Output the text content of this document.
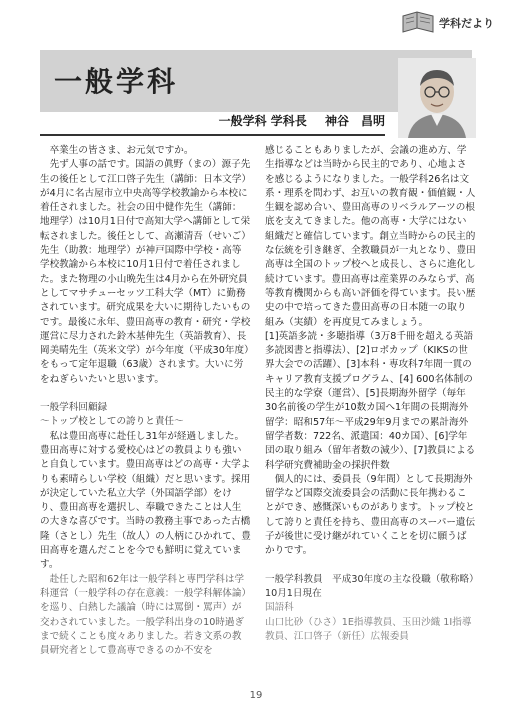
学科だより
一般学科
一般学科 学科長 神谷　昌明

卒業生の皆さま、お元気ですか。

先ず人事の話です。国語の眞野（まの）源子先生の後任として江口啓子先生（講師：日本文学）が4月に名古屋市立中央高等学校教諭から本校に着任されました。社会の田中健作先生（講師：地理学）は10月1日付で高知大学へ講師として栄転されました。後任として、高瀬清吾（せいご）先生（助教：地理学）が神戸国際中学校・高等学校教諭から本校に10月1日付で着任されました。また物理の小山晩先生は4月から在外研究員としてマサチューセッツ工科大学（MT）に勤務されています。研究成果を大いに期待したいものです。最後に永年、豊田高専の教育・研究・学校運営に尽力された鈴木基伸先生（英語教育）、長岡美晴先生（英米文学）が今年度（平成30年度）をもって定年退職（63歳）されます。大いに労をねぎらいたいと思います。

一般学科回顧録

～トップ校としての誇りと責任～

私は豊田高専に赴任し31年が経過しました。豊田高専に対する愛校心はどの教員よりも強いと自負しています。豊田高専はどの高専・大学よりも素晴らしい学校（組織）だと思います。採用が決定していた私立大学（外国語学部）をけり、豊田高専を選択し、奉職できたことは人生の大きな喜びです。当時の教務主事であった古橋隆（さとし）先生（故人）の人柄にひかれて、豊田高専を選んだことを今でも鮮明に覚えています。

赴任した昭和62年は一般学科と専門学科は学科運営（一般学科の存在意義：一般学科解体論）を巡り、白熱した議論（時には罵倒・罵声）が交わされていました。一般学科出身の10時過ぎまで続くことも度々ありました。若き文系の教員研究者として豊高専できるのか不安を

感じることもありましたが、会議の進め方、学生指導などは当時から民主的であり、心地よさを感じるようになりました。一般学科26名は文系・理系を問わず、お互いの教育観・価値観・人生観を認め合い、豊田高専のリベラルアーツの根底を支えてきました。他の高専・大学にはない組織だと確信しています。創立当時からの民主的な伝統を引き継ぎ、全教職員が一丸となり、豊田高専は全国のトップ校へと成長し、さらに進化し続けています。豊田高専は産業界のみならず、高等教育機関からも高い評価を得ています。長い歴史の中で培ってきた豊田高専の日本随一の取り組み（実績）を再度見てみましょう。

[1]英語多読・多聴指導（3万8千冊を超える英語多読図書と指導法）、[2]ロボカップ（KIKSの世界大会での活躍）、[3]本科・専攻科7年間一貫のキャリア教育支援プログラム、[4] 600名体制の民主的な学寮（運営）、[5]長期海外留学（毎年30名前後の学生が10数カ国へ1年間の長期海外留学：昭和57年～平成29年9月までの累計海外留学者数：722名、派遣国：40カ国）、[6]学年団の取り組み（留年者数の減少）、[7]教員による科学研究費補助金の採択件数

個人的には、委員長（9年間）として長期海外留学など国際交流委員会の活動に長年携わることができ、感慨深いものがあります。トップ校として誇りと責任を持ち、豊田高専のスーパー遺伝子が後世に受け継がれていくことを切に願うばかりです。

一般学科教員　平成30年度の主な役職（敬称略）10月1日現在

国語科

山口比砂（ひさ）1E指導教員、玉田沙織 1I指導教員、江口啓子（新任）広報委員

19
